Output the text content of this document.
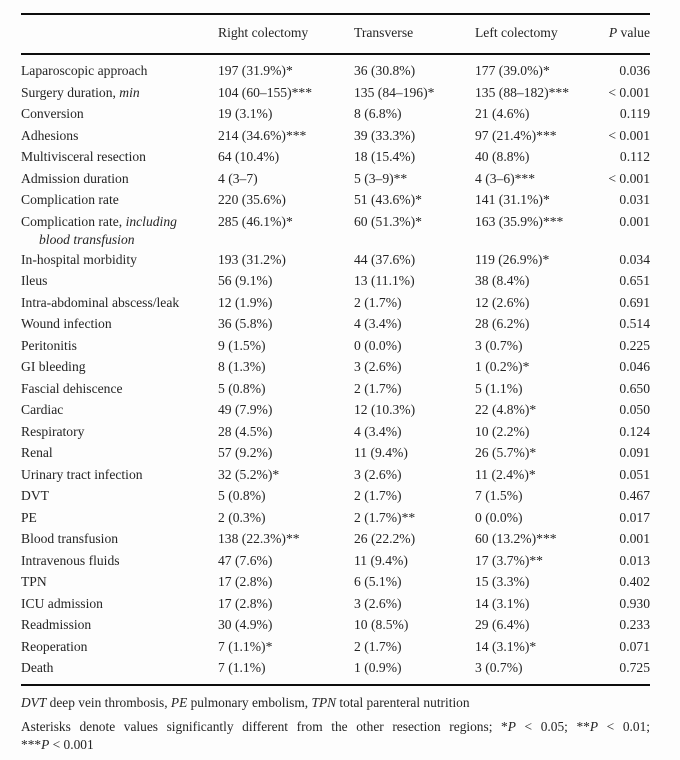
	Right colectomy	Transverse	Left colectomy	P value

Laparoscopic approach	197 (31.9%)*	36 (30.8%)	177 (39.0%)*	0.036

Surgery duration, min	104 (60–155)***	135 (84–196)*	135 (88–182)***	< 0.001

Conversion	19 (3.1%)	8 (6.8%)	21 (4.6%)	0.119

Adhesions	214 (34.6%)***	39 (33.3%)	97 (21.4%)***	< 0.001

Multivisceral resection	64 (10.4%)	18 (15.4%)	40 (8.8%)	0.112

Admission duration	4 (3–7)	5 (3–9)**	4 (3–6)***	< 0.001

Complication rate	220 (35.6%)	51 (43.6%)*	141 (31.1%)*	0.031

Complication rate, including
blood transfusion	285 (46.1%)*	60 (51.3%)*	163 (35.9%)***	0.001

In-hospital morbidity	193 (31.2%)	44 (37.6%)	119 (26.9%)*	0.034

Ileus	56 (9.1%)	13 (11.1%)	38 (8.4%)	0.651

Intra-abdominal abscess/leak	12 (1.9%)	2 (1.7%)	12 (2.6%)	0.691

Wound infection	36 (5.8%)	4 (3.4%)	28 (6.2%)	0.514

Peritonitis	9 (1.5%)	0 (0.0%)	3 (0.7%)	0.225

GI bleeding	8 (1.3%)	3 (2.6%)	1 (0.2%)*	0.046

Fascial dehiscence	5 (0.8%)	2 (1.7%)	5 (1.1%)	0.650

Cardiac	49 (7.9%)	12 (10.3%)	22 (4.8%)*	0.050

Respiratory	28 (4.5%)	4 (3.4%)	10 (2.2%)	0.124

Renal	57 (9.2%)	11 (9.4%)	26 (5.7%)*	0.091

Urinary tract infection	32 (5.2%)*	3 (2.6%)	11 (2.4%)*	0.051

DVT	5 (0.8%)	2 (1.7%)	7 (1.5%)	0.467

PE	2 (0.3%)	2 (1.7%)**	0 (0.0%)	0.017

Blood transfusion	138 (22.3%)**	26 (22.2%)	60 (13.2%)***	0.001

Intravenous fluids	47 (7.6%)	11 (9.4%)	17 (3.7%)**	0.013

TPN	17 (2.8%)	6 (5.1%)	15 (3.3%)	0.402

ICU admission	17 (2.8%)	3 (2.6%)	14 (3.1%)	0.930

Readmission	30 (4.9%)	10 (8.5%)	29 (6.4%)	0.233

Reoperation	7 (1.1%)*	2 (1.7%)	14 (3.1%)*	0.071

Death	7 (1.1%)	1 (0.9%)	3 (0.7%)	0.725

DVT deep vein thrombosis, PE pulmonary embolism, TPN total parenteral nutrition

Asterisks denote values significantly different from the other resection regions; *P < 0.05; **P < 0.01;

***P < 0.001
